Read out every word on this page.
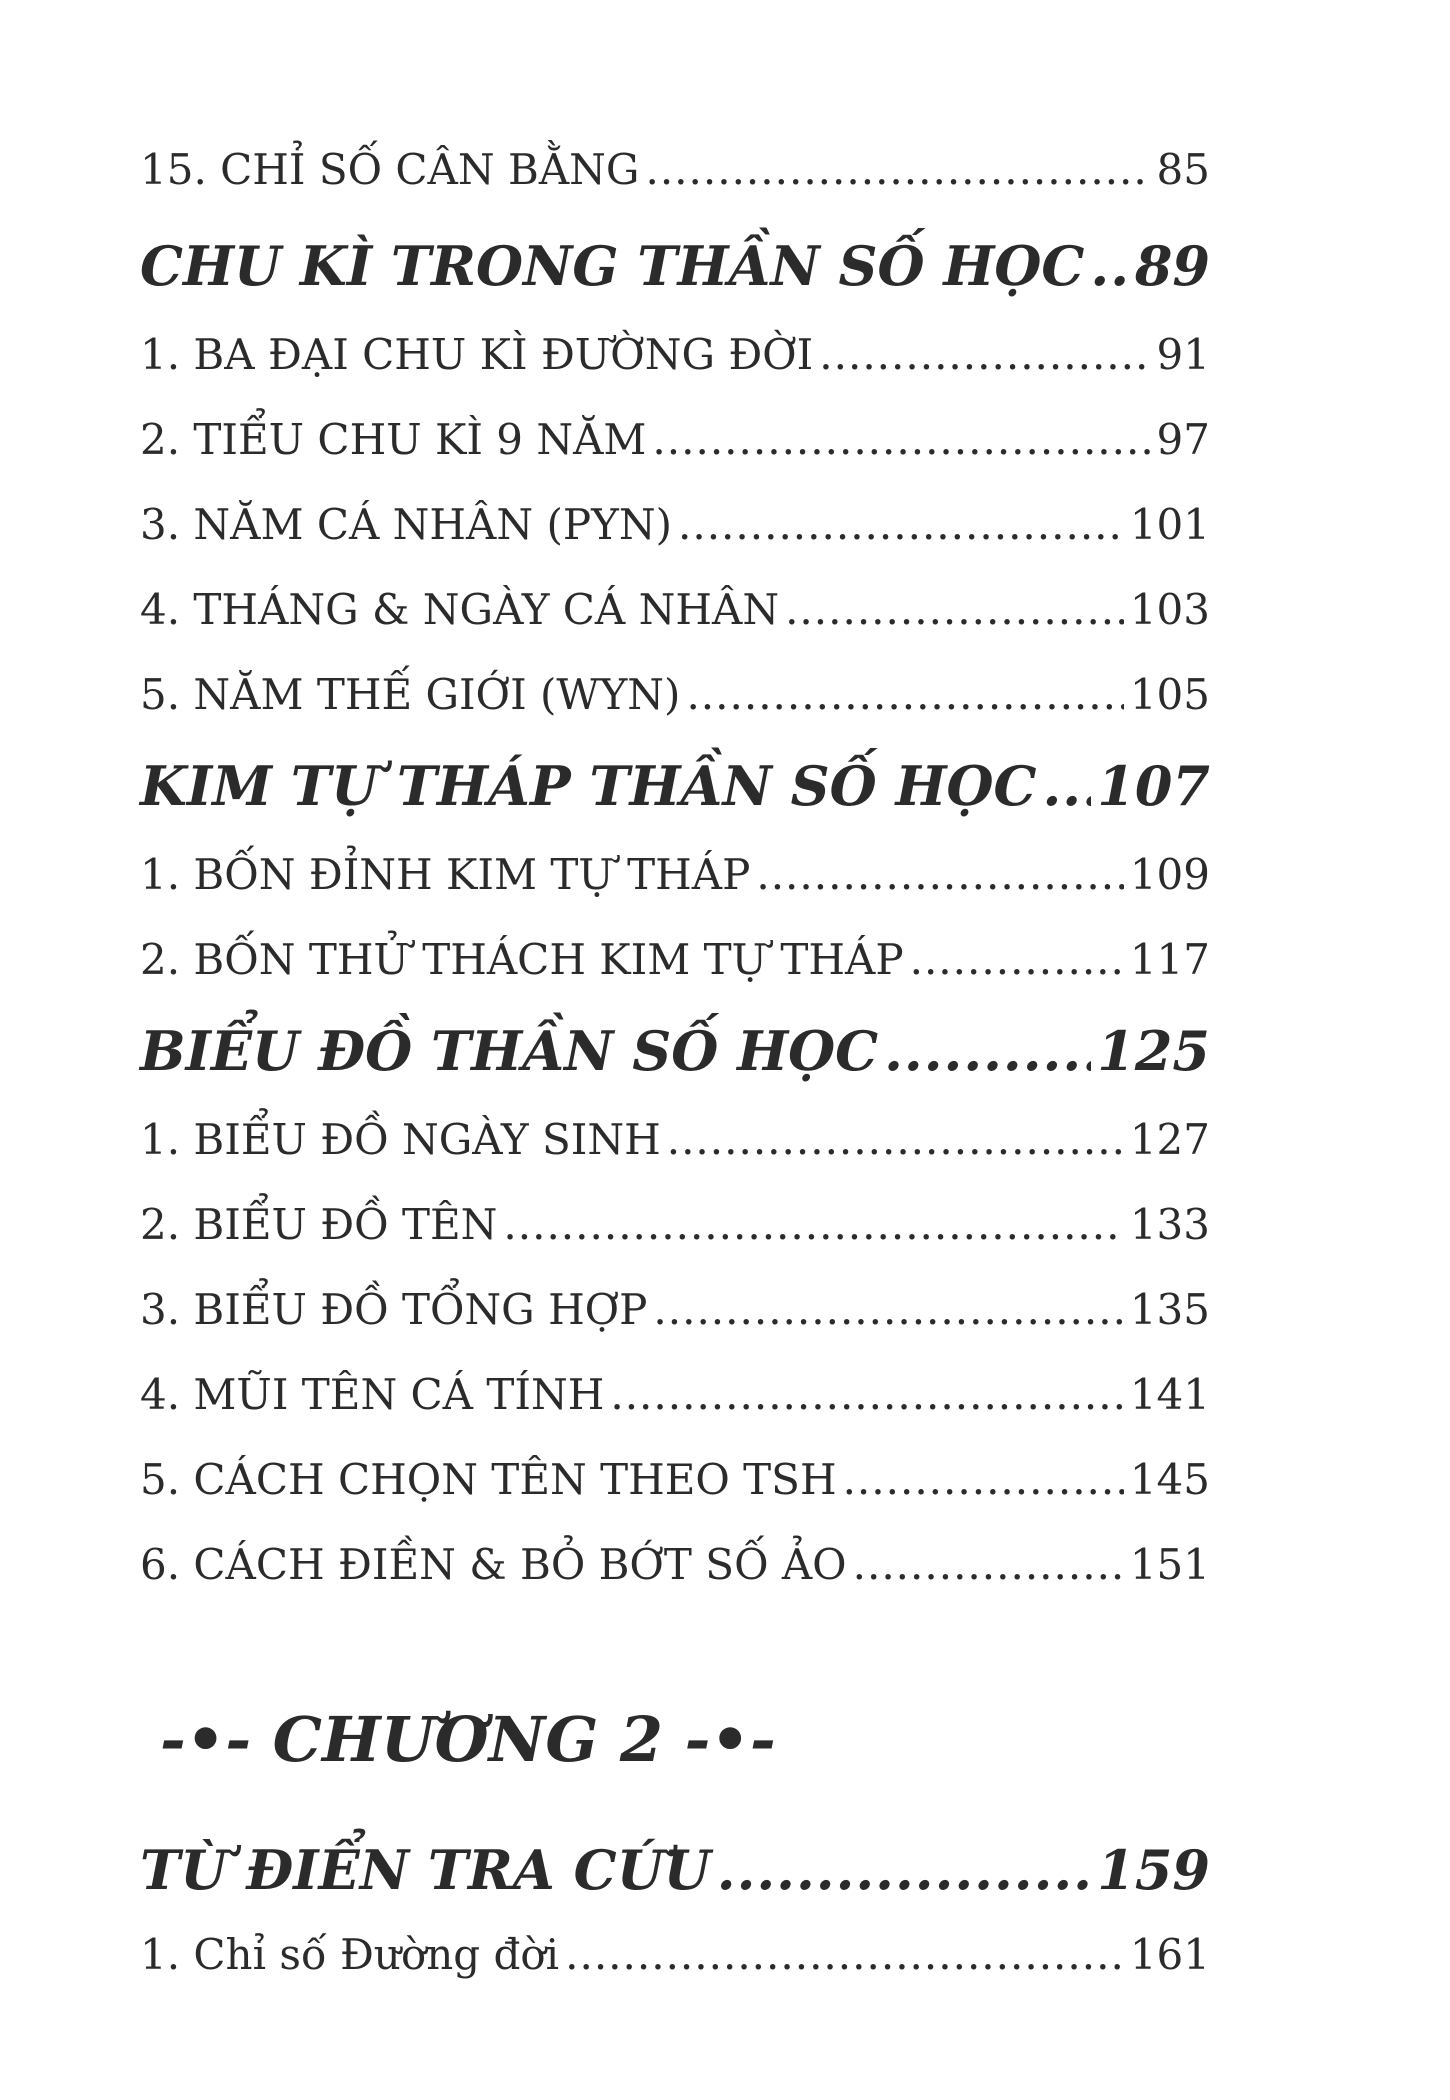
15. CHỈ SỐ CÂN BẰNG .....	85
CHU KÌ TRONG THẦN SỐ HỌC ..... 89
1. BA ĐẠI CHU KÌ ĐƯỜNG ĐỜI .....	91
2. TIỂU CHU KÌ 9 NĂM .....	97
3. NĂM CÁ NHÂN (PYN) .....	101
4. THÁNG & NGÀY CÁ NHÂN .....	103
5. NĂM THẾ GIỚI (WYN) .....	105
KIM TỰ THÁP THẦN SỐ HỌC ..... 107
1. BỐN ĐỈNH KIM TỰ THÁP .....	109
2. BỐN THỬ THÁCH KIM TỰ THÁP .....	117
BIỂU ĐỒ THẦN SỐ HỌC .....	125
1. BIỂU ĐỒ NGÀY SINH .....	127
2. BIỂU ĐỒ TÊN .....	133
3. BIỂU ĐỒ TỔNG HỢP .....	135
4. MŨI TÊN CÁ TÍNH .....	141
5. CÁCH CHỌN TÊN THEO TSH .....	145
6. CÁCH ĐIỀN & BỎ BỚT SỐ ẢO .....	151
TỪ ĐIỂN TRA CỨU .....	159
1. Chỉ số Đường đời .....	161
-•- CHƯƠNG 2 -•-
